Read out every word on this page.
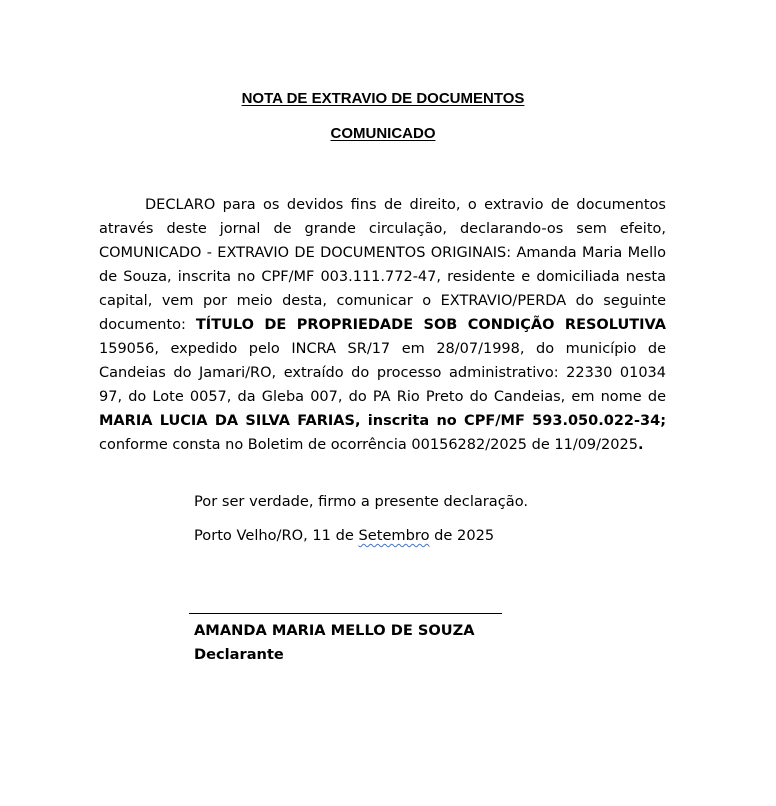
NOTA DE EXTRAVIO DE DOCUMENTOS
COMUNICADO

DECLARO para os devidos fins de direito, o extravio de documentos através deste jornal de grande circulação, declarando-os sem efeito, COMUNICADO - EXTRAVIO DE DOCUMENTOS ORIGINAIS: Amanda Maria Mello de Souza, inscrita no CPF/MF 003.111.772-47, residente e domiciliada nesta capital, vem por meio desta, comunicar o EXTRAVIO/PERDA do seguinte documento: TÍTULO DE PROPRIEDADE SOB CONDIÇÃO RESOLUTIVA 159056, expedido pelo INCRA SR/17 em 28/07/1998, do município de Candeias do Jamari/RO, extraído do processo administrativo: 22330 01034 97, do Lote 0057, da Gleba 007, do PA Rio Preto do Candeias, em nome de MARIA LUCIA DA SILVA FARIAS, inscrita no CPF/MF 593.050.022-34; conforme consta no Boletim de ocorrência 00156282/2025 de 11/09/2025.

Por ser verdade, firmo a presente declaração.

Porto Velho/RO, 11 de Setembro de 2025

AMANDA MARIA MELLO DE SOUZA

Declarante
